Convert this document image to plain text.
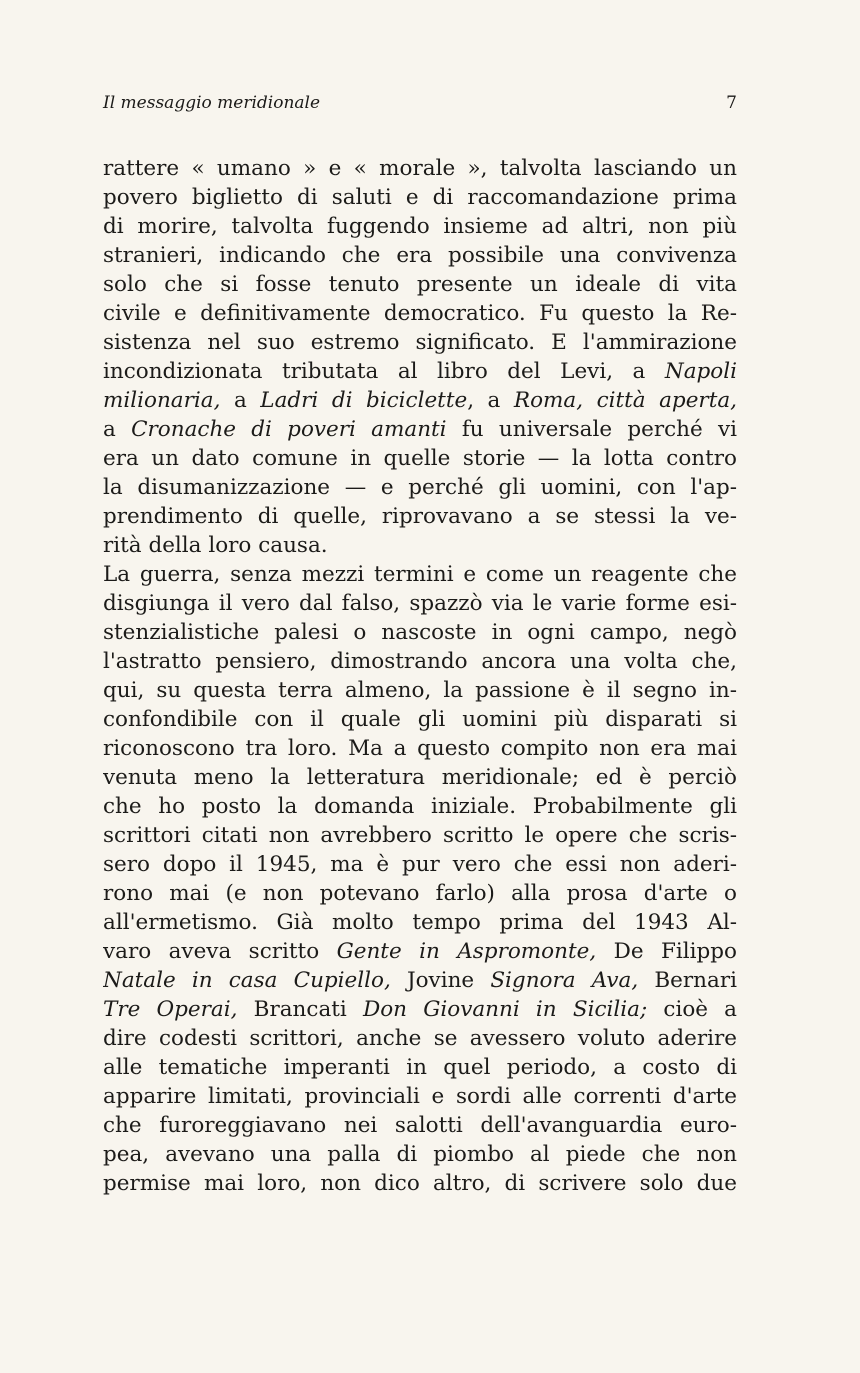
Il messaggio meridionale	7
rattere « umano » e « morale », talvolta lasciando un
povero biglietto di saluti e di raccomandazione prima
di morire, talvolta fuggendo insieme ad altri, non più
stranieri, indicando che era possibile una convivenza
solo che si fosse tenuto presente un ideale di vita
civile e definitivamente democratico. Fu questo la Re-
sistenza nel suo estremo significato. E l'ammirazione
incondizionata tributata al libro del Levi, a Napoli
milionaria, a Ladri di biciclette, a Roma, città aperta,
a Cronache di poveri amanti fu universale perché vi
era un dato comune in quelle storie — la lotta contro
la disumanizzazione — e perché gli uomini, con l'ap-
prendimento di quelle, riprovavano a se stessi la ve-
rità della loro causa.
La guerra, senza mezzi termini e come un reagente che
disgiunga il vero dal falso, spazzò via le varie forme esi-
stenzialistiche palesi o nascoste in ogni campo, negò
l'astratto pensiero, dimostrando ancora una volta che,
qui, su questa terra almeno, la passione è il segno in-
confondibile con il quale gli uomini più disparati si
riconoscono tra loro. Ma a questo compito non era mai
venuta meno la letteratura meridionale; ed è perciò
che ho posto la domanda iniziale. Probabilmente gli
scrittori citati non avrebbero scritto le opere che scris-
sero dopo il 1945, ma è pur vero che essi non aderi-
rono mai (e non potevano farlo) alla prosa d'arte o
all'ermetismo. Già molto tempo prima del 1943 Al-
varo aveva scritto Gente in Aspromonte, De Filippo
Natale in casa Cupiello, Jovine Signora Ava, Bernari
Tre Operai, Brancati Don Giovanni in Sicilia; cioè a
dire codesti scrittori, anche se avessero voluto aderire
alle tematiche imperanti in quel periodo, a costo di
apparire limitati, provinciali e sordi alle correnti d'arte
che furoreggiavano nei salotti dell'avanguardia euro-
pea, avevano una palla di piombo al piede che non
permise mai loro, non dico altro, di scrivere solo due
